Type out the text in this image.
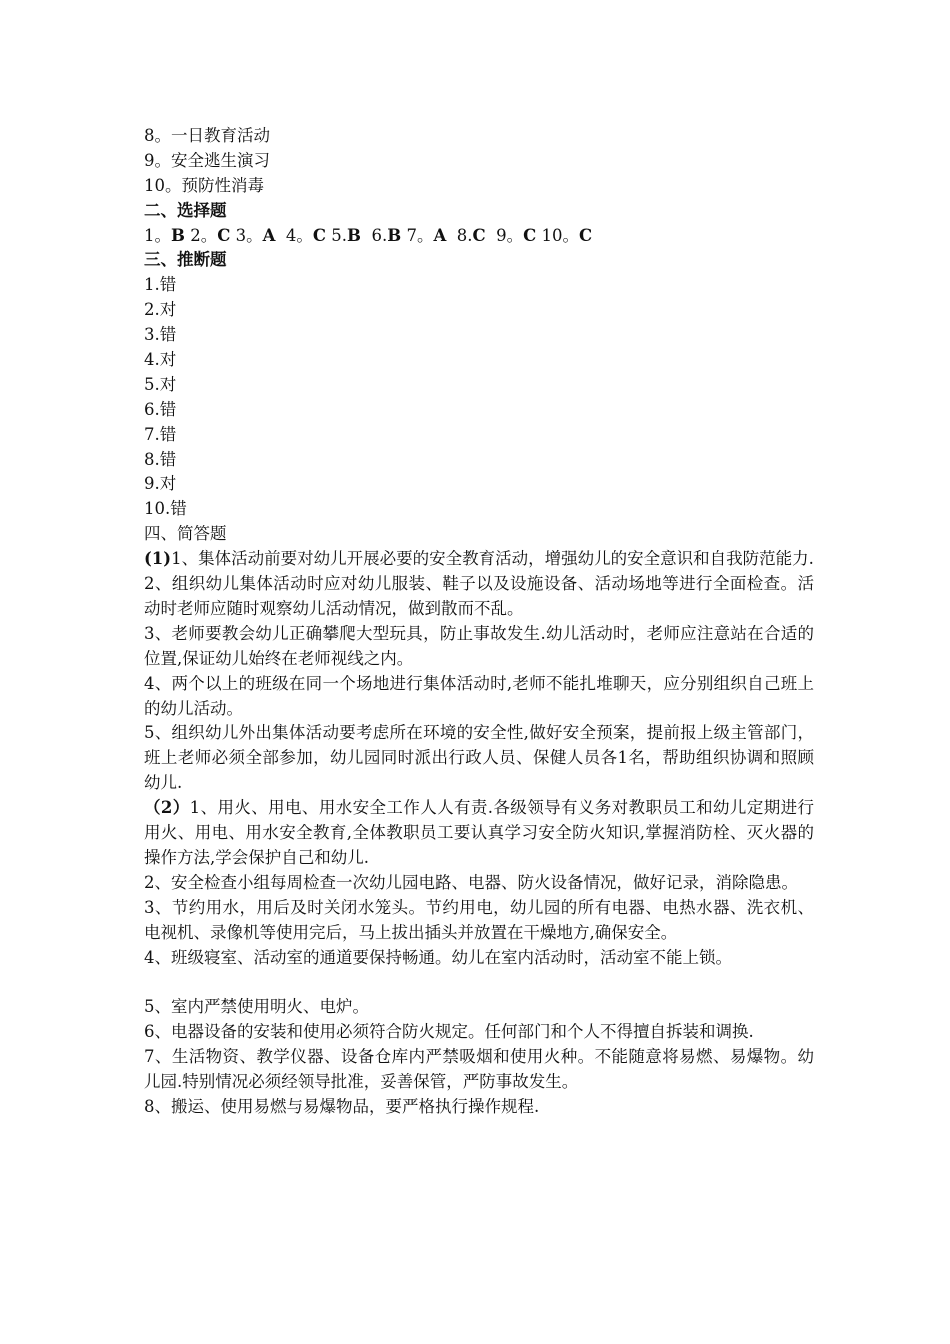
8。一日教育活动
9。安全逃生演习
10。预防性消毒
二、选择题
1。B 2。C 3。A 4。C 5.B 6.B 7。A 8.C 9。C 10。C
三、推断题
1.错
2.对
3.错
4.对
5.对
6.错
7.错
8.错
9.对
10.错
四、简答题
(1)1、集体活动前要对幼儿开展必要的安全教育活动，增强幼儿的安全意识和自我防范能力.
2、组织幼儿集体活动时应对幼儿服装、鞋子以及设施设备、活动场地等进行全面检查。活动时老师应随时观察幼儿活动情况，做到散而不乱。
3、老师要教会幼儿正确攀爬大型玩具，防止事故发生.幼儿活动时，老师应注意站在合适的位置,保证幼儿始终在老师视线之内。
4、两个以上的班级在同一个场地进行集体活动时,老师不能扎堆聊天，应分别组织自己班上的幼儿活动。
5、组织幼儿外出集体活动要考虑所在环境的安全性,做好安全预案，提前报上级主管部门，班上老师必须全部参加，幼儿园同时派出行政人员、保健人员各1名，帮助组织协调和照顾幼儿.
（2）1、用火、用电、用水安全工作人人有责.各级领导有义务对教职员工和幼儿定期进行用火、用电、用水安全教育,全体教职员工要认真学习安全防火知识,掌握消防栓、灭火器的操作方法,学会保护自己和幼儿.
2、安全检查小组每周检查一次幼儿园电路、电器、防火设备情况，做好记录，消除隐患。
3、节约用水，用后及时关闭水笼头。节约用电，幼儿园的所有电器、电热水器、洗衣机、电视机、录像机等使用完后，马上拔出插头并放置在干燥地方,确保安全。
4、班级寝室、活动室的通道要保持畅通。幼儿在室内活动时，活动室不能上锁。
5、室内严禁使用明火、电炉。
6、电器设备的安装和使用必须符合防火规定。任何部门和个人不得擅自拆装和调换.
7、生活物资、教学仪器、设备仓库内严禁吸烟和使用火种。不能随意将易燃、易爆物。幼儿园.特别情况必须经领导批准，妥善保管，严防事故发生。
8、搬运、使用易燃与易爆物品，要严格执行操作规程.
